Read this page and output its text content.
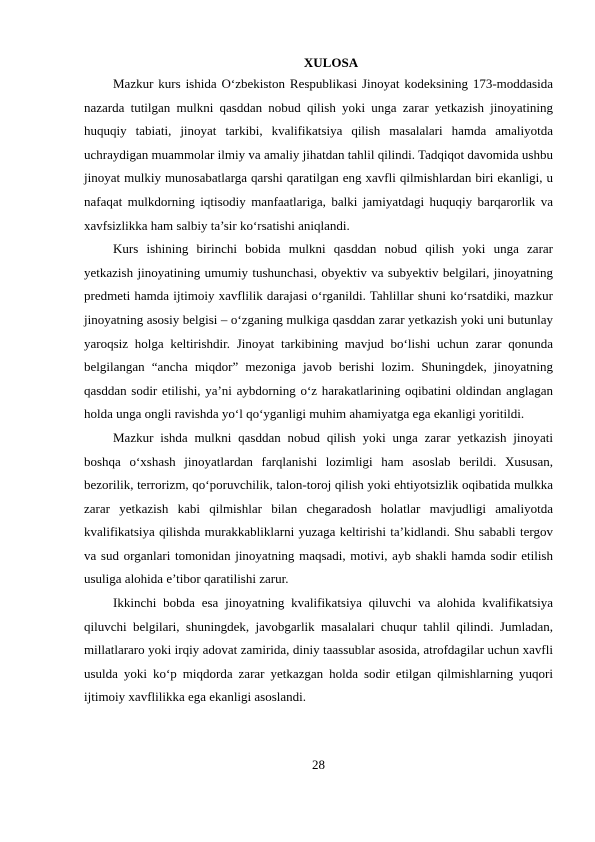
XULOSA

Mazkur kurs ishida O‘zbekiston Respublikasi Jinoyat kodeksining 173-moddasida nazarda tutilgan mulkni qasddan nobud qilish yoki unga zarar yetkazish jinoyatining huquqiy tabiati, jinoyat tarkibi, kvalifikatsiya qilish masalalari hamda amaliyotda uchraydigan muammolar ilmiy va amaliy jihatdan tahlil qilindi. Tadqiqot davomida ushbu jinoyat mulkiy munosabatlarga qarshi qaratilgan eng xavfli qilmishlardan biri ekanligi, u nafaqat mulkdorning iqtisodiy manfaatlariga, balki jamiyatdagi huquqiy barqarorlik va xavfsizlikka ham salbiy ta’sir ko‘rsatishi aniqlandi.

Kurs ishining birinchi bobida mulkni qasddan nobud qilish yoki unga zarar yetkazish jinoyatining umumiy tushunchasi, obyektiv va subyektiv belgilari, jinoyatning predmeti hamda ijtimoiy xavflilik darajasi o‘rganildi. Tahlillar shuni ko‘rsatdiki, mazkur jinoyatning asosiy belgisi – o‘zganing mulkiga qasddan zarar yetkazish yoki uni butunlay yaroqsiz holga keltirishdir. Jinoyat tarkibining mavjud bo‘lishi uchun zarar qonunda belgilangan “ancha miqdor” mezoniga javob berishi lozim. Shuningdek, jinoyatning qasddan sodir etilishi, ya’ni aybdorning o‘z harakatlarining oqibatini oldindan anglagan holda unga ongli ravishda yo‘l qo‘yganligi muhim ahamiyatga ega ekanligi yoritildi.

Mazkur ishda mulkni qasddan nobud qilish yoki unga zarar yetkazish jinoyati boshqa o‘xshash jinoyatlardan farqlanishi lozimligi ham asoslab berildi. Xususan, bezorilik, terrorizm, qo‘poruvchilik, talon-toroj qilish yoki ehtiyotsizlik oqibatida mulkka zarar yetkazish kabi qilmishlar bilan chegaradosh holatlar mavjudligi amaliyotda kvalifikatsiya qilishda murakkabliklarni yuzaga keltirishi ta’kidlandi. Shu sababli tergov va sud organlari tomonidan jinoyatning maqsadi, motivi, ayb shakli hamda sodir etilish usuliga alohida e’tibor qaratilishi zarur.

Ikkinchi bobda esa jinoyatning kvalifikatsiya qiluvchi va alohida kvalifikatsiya qiluvchi belgilari, shuningdek, javobgarlik masalalari chuqur tahlil qilindi. Jumladan, millatlararo yoki irqiy adovat zamirida, diniy taassublar asosida, atrofdagilar uchun xavfli usulda yoki ko‘p miqdorda zarar yetkazgan holda sodir etilgan qilmishlarning yuqori ijtimoiy xavflilikka ega ekanligi asoslandi.

28
